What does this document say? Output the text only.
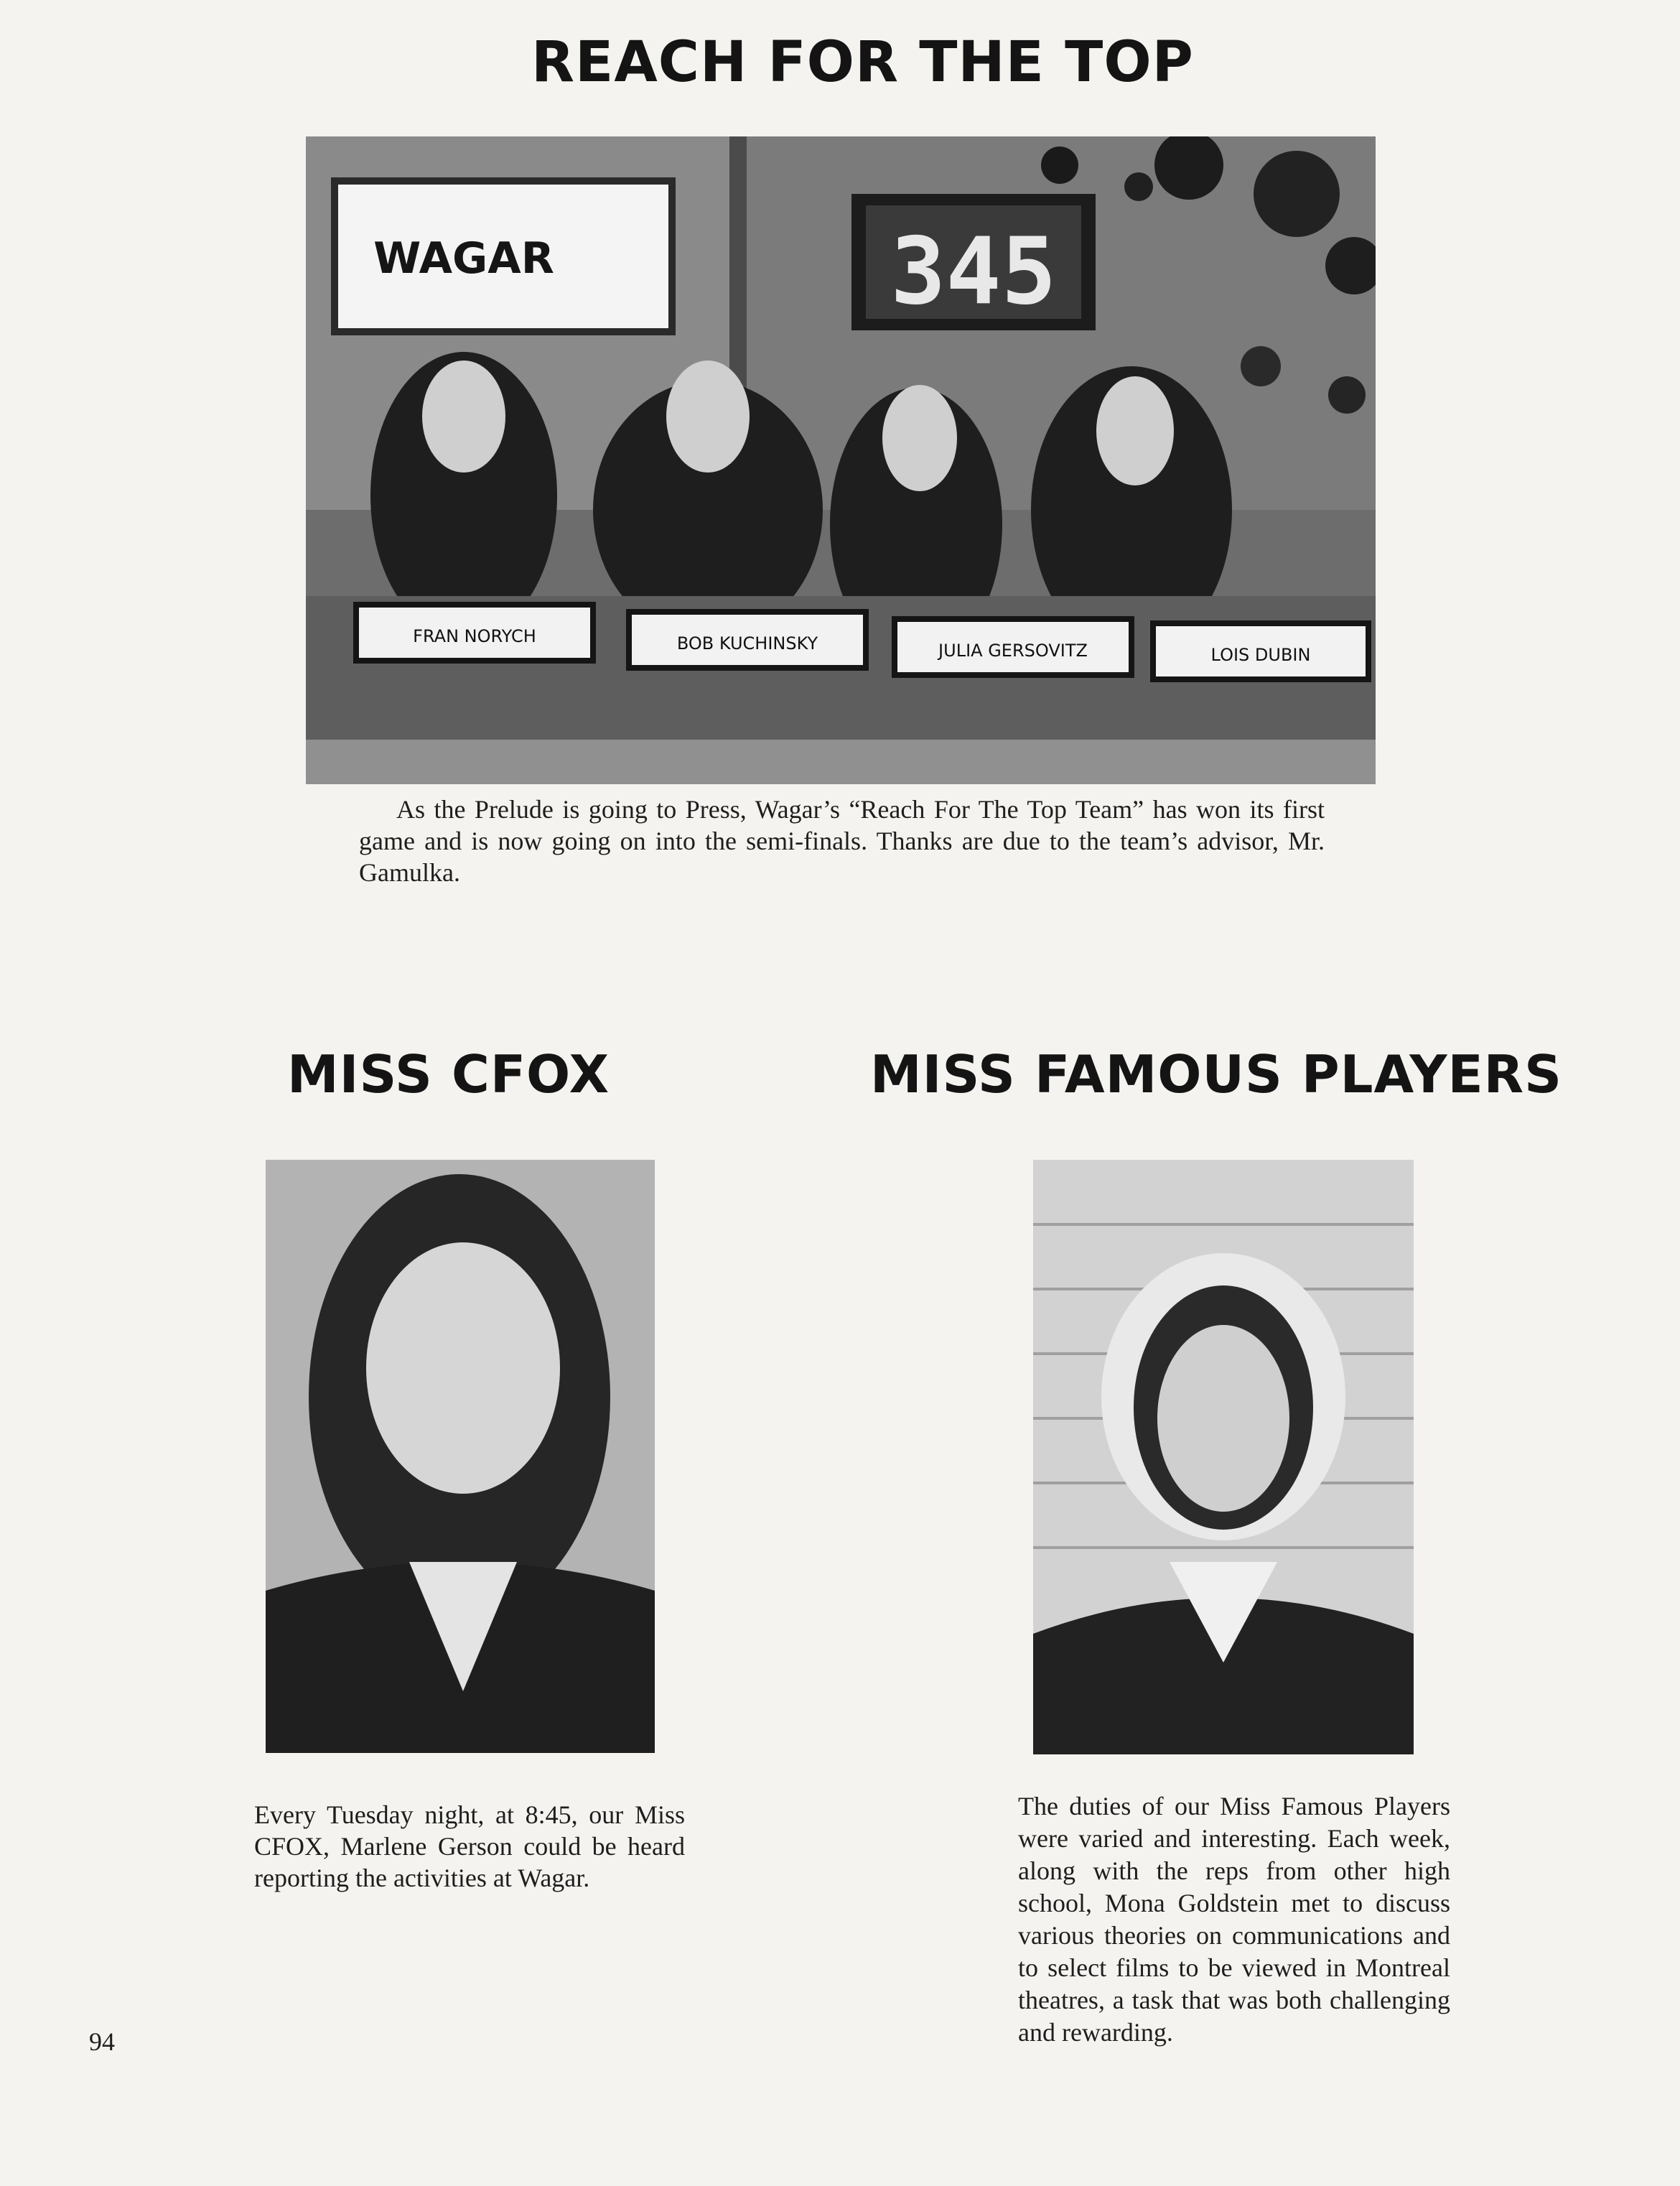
REACH FOR THE TOP
WAGAR	345
FRAN NORYCH	BOB KUCHINSKY	JULIA GERSOVITZ	LOIS DUBIN

As the Prelude is going to Press, Wagar’s “Reach For The Top Team” has won its first game and is now going on into the semi-finals. Thanks are due to the team’s advisor, Mr. Gamulka.

MISS CFOX	MISS FAMOUS PLAYERS

Every Tuesday night, at 8:45, our Miss CFOX, Marlene Gerson could be heard reporting the activities at Wagar.

The duties of our Miss Famous Players were varied and interesting. Each week, along with the reps from other high school, Mona Goldstein met to discuss various theories on communications and to select films to be viewed in Montreal theatres, a task that was both challenging and rewarding.

94
